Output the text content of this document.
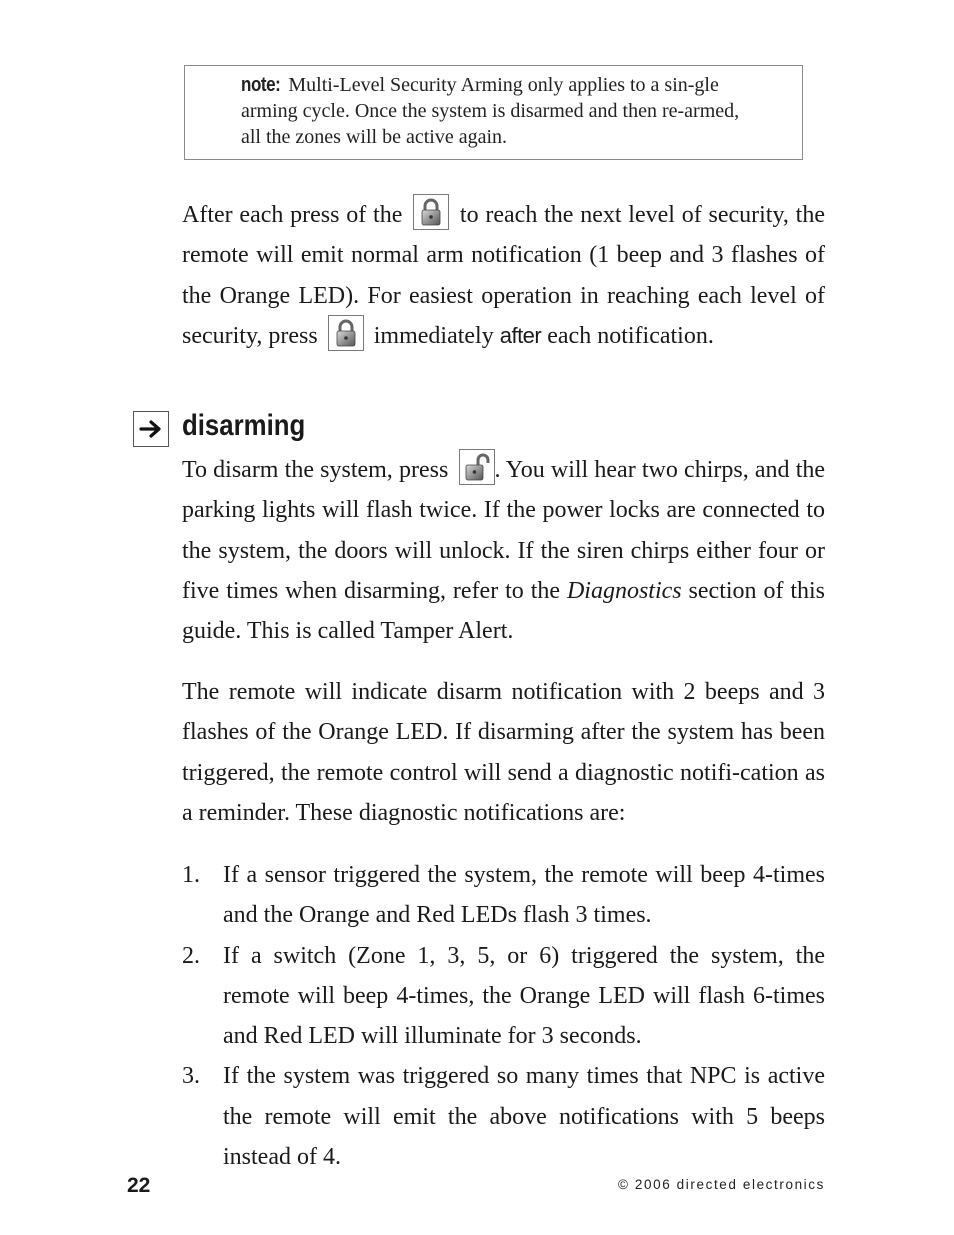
note: Multi-Level Security Arming only applies to a sin-gle arming cycle. Once the system is disarmed and then re-armed, all the zones will be active again.

After each press of the to reach the next level of security, the remote will emit normal arm notification (1 beep and 3 flashes of the Orange LED). For easiest operation in reaching each level of security, press immediately after each notification.

disarming

To disarm the system, press . You will hear two chirps, and the parking lights will flash twice. If the power locks are connected to the system, the doors will unlock. If the siren chirps either four or five times when disarming, refer to the Diagnostics section of this guide. This is called Tamper Alert.

The remote will indicate disarm notification with 2 beeps and 3 flashes of the Orange LED. If disarming after the system has been triggered, the remote control will send a diagnostic notifi-cation as a reminder. These diagnostic notifications are:

1. If a sensor triggered the system, the remote will beep 4-times and the Orange and Red LEDs flash 3 times.
2. If a switch (Zone 1, 3, 5, or 6) triggered the system, the remote will beep 4-times, the Orange LED will flash 6-times and Red LED will illuminate for 3 seconds.
3. If the system was triggered so many times that NPC is active the remote will emit the above notifications with 5 beeps instead of 4.
22	© 2006 directed electronics
